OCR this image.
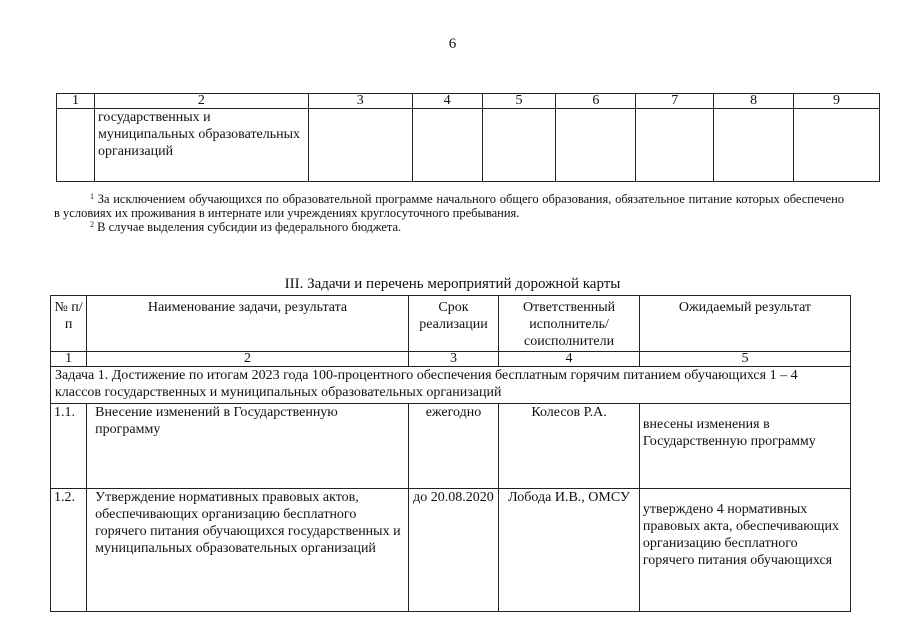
6
1	2	3	4	5	6	7	8	9
	государственных и муниципальных образовательных организаций							

$^1$ За исключением обучающихся по образовательной программе начального общего образования, обязательное питание которых обеспечено в условиях их проживания в интернате или учреждениях круглосуточного пребывания.

$^2$ В случае выделения субсидии из федерального бюджета.

III. Задачи и перечень мероприятий дорожной карты
№ п/п	Наименование задачи, результата	Срок реализации	Ответственный исполнитель/ соисполнители	Ожидаемый результат
1	2	3	4	5
Задача 1. Достижение по итогам 2023 года 100-процентного обеспечения бесплатным горячим питанием обучающихся 1 – 4 классов государственных и муниципальных образовательных организаций				
1.1.	Внесение изменений в Государственную программу	ежегодно	Колесов Р.А.	внесены изменения в Государственную программу
1.2.	Утверждение нормативных правовых актов, обеспечивающих организацию бесплатного горячего питания обучающихся государственных и муниципальных образовательных организаций	до 20.08.2020	Лобода И.В., ОМСУ	утверждено 4 нормативных правовых акта, обеспечивающих организацию бесплатного горячего питания обучающихся
